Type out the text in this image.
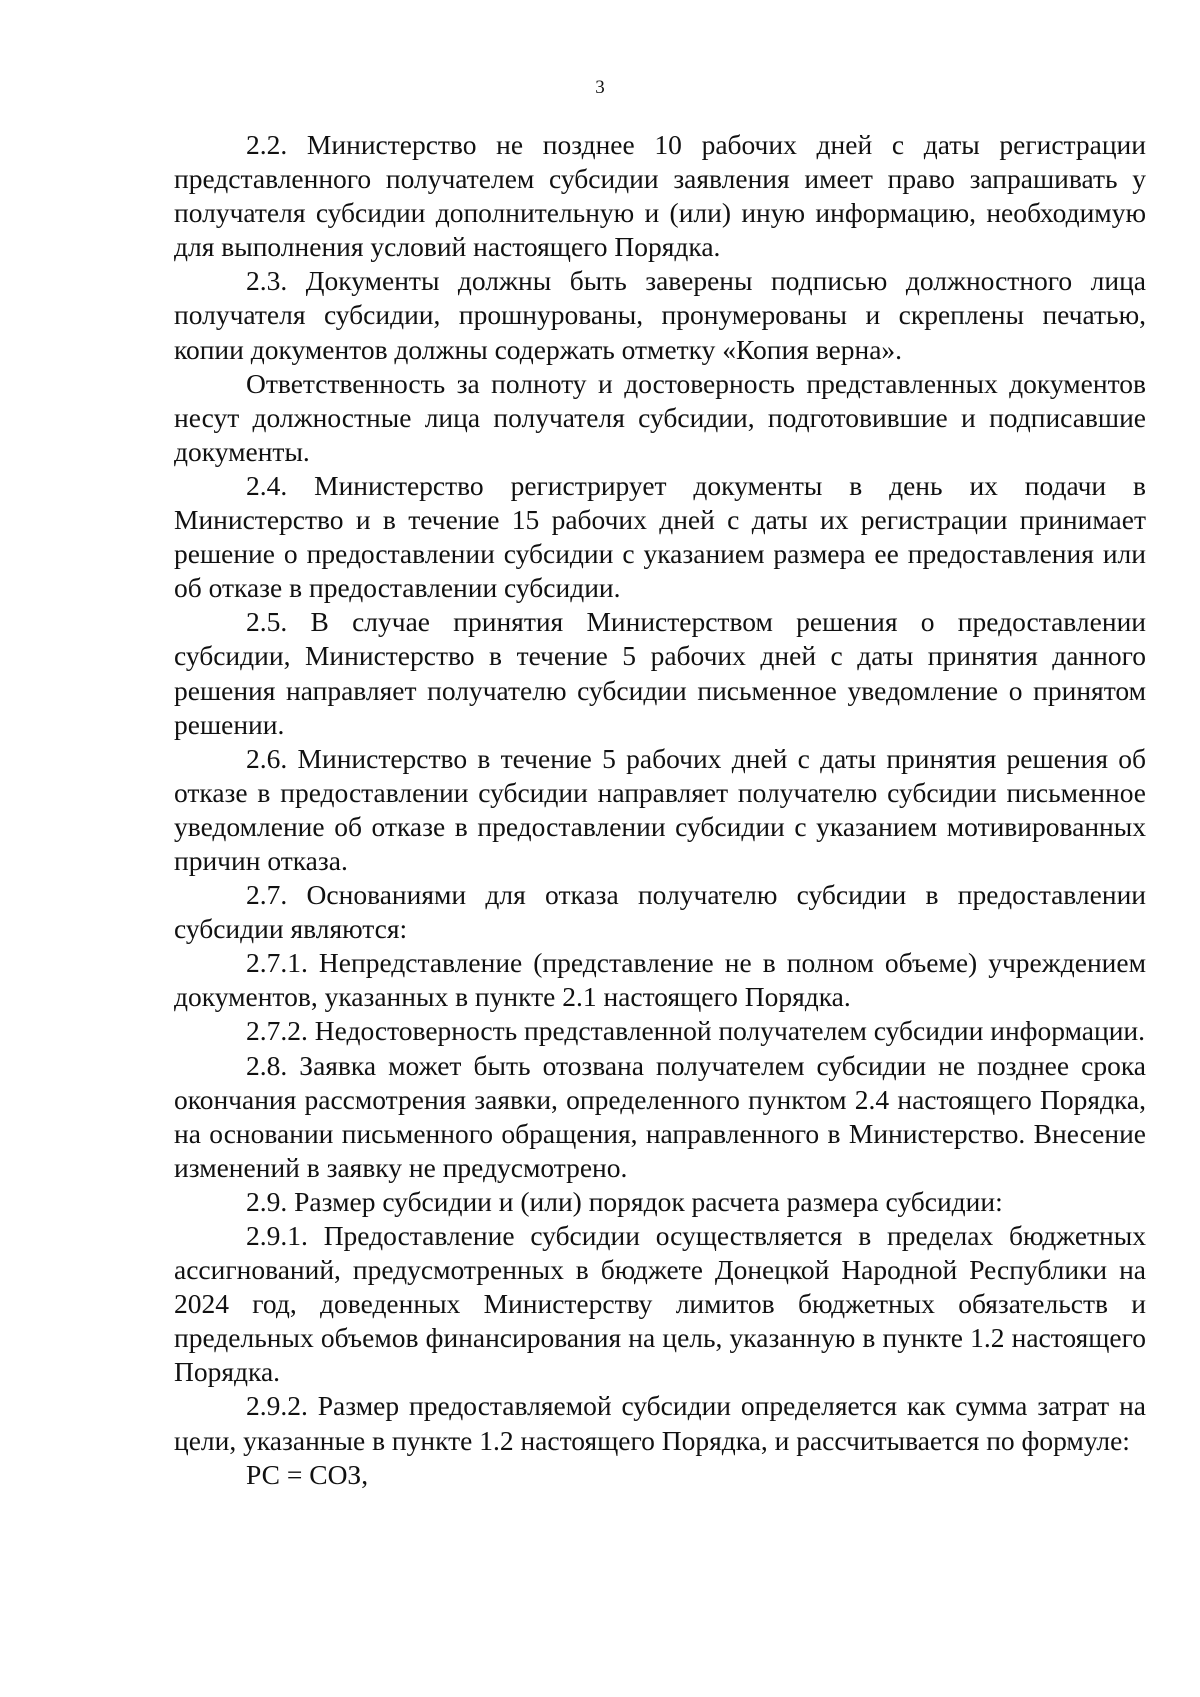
3

2.2. Министерство не позднее 10 рабочих дней с даты регистрации представленного получателем субсидии заявления имеет право запрашивать у получателя субсидии дополнительную и (или) иную информацию, необходимую для выполнения условий настоящего Порядка.

2.3. Документы должны быть заверены подписью должностного лица получателя субсидии, прошнурованы, пронумерованы и скреплены печатью, копии документов должны содержать отметку «Копия верна».

Ответственность за полноту и достоверность представленных документов несут должностные лица получателя субсидии, подготовившие и подписавшие документы.

2.4. Министерство регистрирует документы в день их подачи в Министерство и в течение 15 рабочих дней с даты их регистрации принимает решение о предоставлении субсидии с указанием размера ее предоставления или об отказе в предоставлении субсидии.

2.5. В случае принятия Министерством решения о предоставлении субсидии, Министерство в течение 5 рабочих дней с даты принятия данного решения направляет получателю субсидии письменное уведомление о принятом решении.

2.6. Министерство в течение 5 рабочих дней с даты принятия решения об отказе в предоставлении субсидии направляет получателю субсидии письменное уведомление об отказе в предоставлении субсидии с указанием мотивированных причин отказа.

2.7. Основаниями для отказа получателю субсидии в предоставлении субсидии являются:

2.7.1. Непредставление (представление не в полном объеме) учреждением документов, указанных в пункте 2.1 настоящего Порядка.

2.7.2. Недостоверность представленной получателем субсидии информации.

2.8. Заявка может быть отозвана получателем субсидии не позднее срока окончания рассмотрения заявки, определенного пунктом 2.4 настоящего Порядка, на основании письменного обращения, направленного в Министерство. Внесение изменений в заявку не предусмотрено.

2.9. Размер субсидии и (или) порядок расчета размера субсидии:

2.9.1. Предоставление субсидии осуществляется в пределах бюджетных ассигнований, предусмотренных в бюджете Донецкой Народной Республики на 2024 год, доведенных Министерству лимитов бюджетных обязательств и предельных объемов финансирования на цель, указанную в пункте 1.2 настоящего Порядка.

2.9.2. Размер предоставляемой субсидии определяется как сумма затрат на цели, указанные в пункте 1.2 настоящего Порядка, и рассчитывается по формуле:

РС = СОЗ,
